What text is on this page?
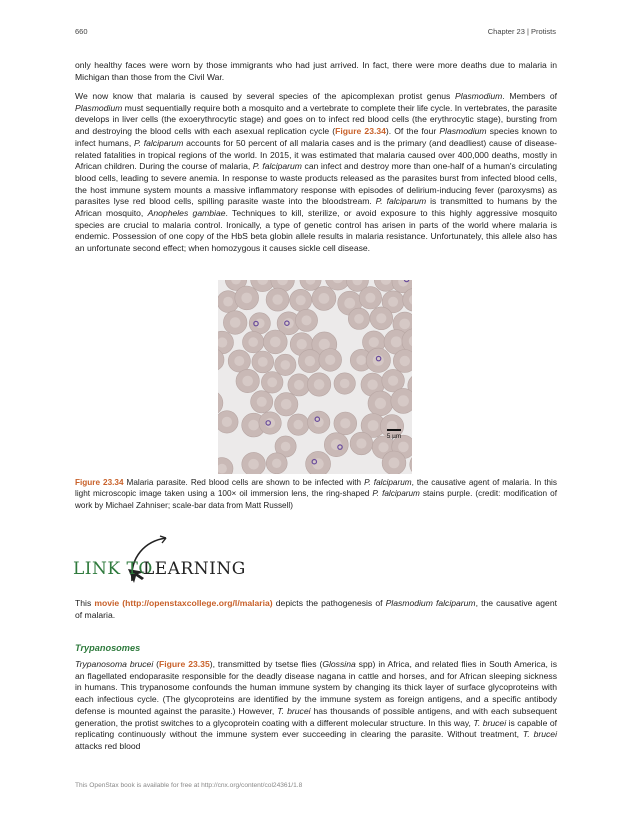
660	Chapter 23 | Protists

only healthy faces were worn by those immigrants who had just arrived. In fact, there were more deaths due to malaria in Michigan than those from the Civil War.

We now know that malaria is caused by several species of the apicomplexan protist genus Plasmodium. Members of Plasmodium must sequentially require both a mosquito and a vertebrate to complete their life cycle. In vertebrates, the parasite develops in liver cells (the exoerythrocytic stage) and goes on to infect red blood cells (the erythrocytic stage), bursting from and destroying the blood cells with each asexual replication cycle (Figure 23.34). Of the four Plasmodium species known to infect humans, P. falciparum accounts for 50 percent of all malaria cases and is the primary (and deadliest) cause of disease-related fatalities in tropical regions of the world. In 2015, it was estimated that malaria caused over 400,000 deaths, mostly in African children. During the course of malaria, P. falciparum can infect and destroy more than one-half of a human's circulating blood cells, leading to severe anemia. In response to waste products released as the parasites burst from infected blood cells, the host immune system mounts a massive inflammatory response with episodes of delirium-inducing fever (paroxysms) as parasites lyse red blood cells, spilling parasite waste into the bloodstream. P. falciparum is transmitted to humans by the African mosquito, Anopheles gambiae. Techniques to kill, sterilize, or avoid exposure to this highly aggressive mosquito species are crucial to malaria control. Ironically, a type of genetic control has arisen in parts of the world where malaria is endemic. Possession of one copy of the HbS beta globin allele results in malaria resistance. Unfortunately, this allele also has an unfortunate second effect; when homozygous it causes sickle cell disease.

5 µm
Figure 23.34 Malaria parasite. Red blood cells are shown to be infected with P. falciparum, the causative agent of malaria. In this light microscopic image taken using a 100× oil immersion lens, the ring-shaped P. falciparum stains purple. (credit: modification of work by Michael Zahniser; scale-bar data from Matt Russell)
LINK TO
LEARNING

This movie (http://openstaxcollege.org/l/malaria) depicts the pathogenesis of Plasmodium falciparum, the causative agent of malaria.

Trypanosomes

Trypanosoma brucei (Figure 23.35), transmitted by tsetse flies (Glossina spp) in Africa, and related flies in South America, is an flagellated endoparasite responsible for the deadly disease nagana in cattle and horses, and for African sleeping sickness in humans. This trypanosome confounds the human immune system by changing its thick layer of surface glycoproteins with each infectious cycle. (The glycoproteins are identified by the immune system as foreign antigens, and a specific antibody defense is mounted against the parasite.) However, T. brucei has thousands of possible antigens, and with each subsequent generation, the protist switches to a glycoprotein coating with a different molecular structure. In this way, T. brucei is capable of replicating continuously without the immune system ever succeeding in clearing the parasite. Without treatment, T. brucei attacks red blood

This OpenStax book is available for free at http://cnx.org/content/col24361/1.8
